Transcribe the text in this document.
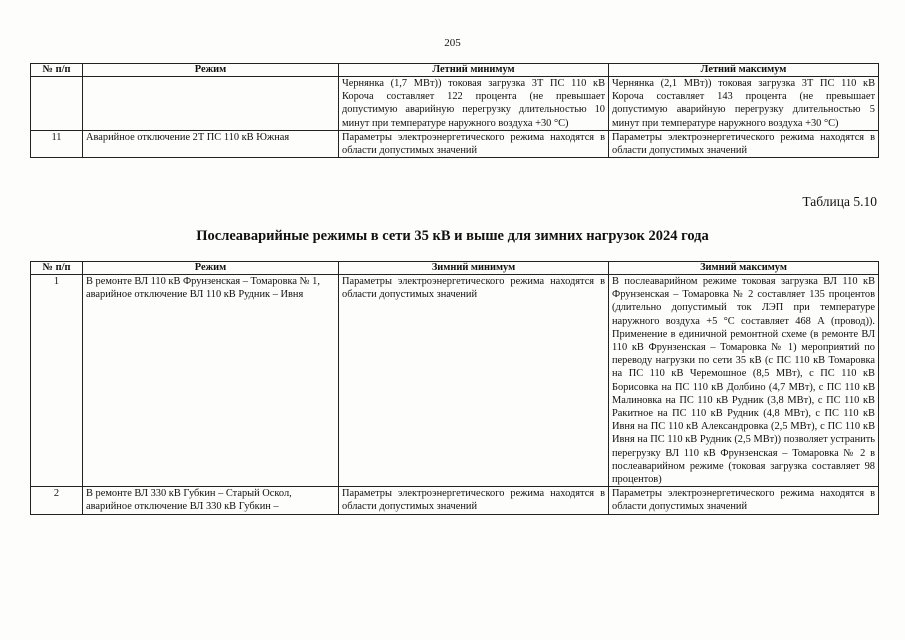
205
№ п/п	Режим	Летний минимум	Летний максимум
		Чернянка (1,7 МВт)) токовая загрузка 3Т ПС 110 кВ Короча составляет 122 процента (не превышает допустимую аварийную перегрузку длительностью 10 минут при температуре наружного воздуха +30 °С)	Чернянка (2,1 МВт)) токовая загрузка 3Т ПС 110 кВ Короча составляет 143 процента (не превышает допустимую аварийную перегрузку длительностью 5 минут при температуре наружного воздуха +30 °С)
11	Аварийное отключение 2Т ПС 110 кВ Южная	Параметры электроэнергетического режима находятся в области допустимых значений	Параметры электроэнергетического режима находятся в области допустимых значений
Таблица 5.10
Послеаварийные режимы в сети 35 кВ и выше для зимних нагрузок 2024 года
№ п/п	Режим	Зимний минимум	Зимний максимум
1	В ремонте ВЛ 110 кВ Фрунзенская – Томаровка № 1, аварийное отключение ВЛ 110 кВ Рудник – Ивня	Параметры электроэнергетического режима находятся в области допустимых значений	В послеаварийном режиме токовая загрузка ВЛ 110 кВ Фрунзенская – Томаровка № 2 составляет 135 процентов (длительно допустимый ток ЛЭП при температуре наружного воздуха +5 °С составляет 468 А (провод)). Применение в единичной ремонтной схеме (в ремонте ВЛ 110 кВ Фрунзенская – Томаровка № 1) мероприятий по переводу нагрузки по сети 35 кВ (с ПС 110 кВ Томаровка на ПС 110 кВ Черемошное (8,5 МВт), с ПС 110 кВ Борисовка на ПС 110 кВ Долбино (4,7 МВт), с ПС 110 кВ Малиновка на ПС 110 кВ Рудник (3,8 МВт), с ПС 110 кВ Ракитное на ПС 110 кВ Рудник (4,8 МВт), с ПС 110 кВ Ивня на ПС 110 кВ Александровка (2,5 МВт), с ПС 110 кВ Ивня на ПС 110 кВ Рудник (2,5 МВт)) позволяет устранить перегрузку ВЛ 110 кВ Фрунзенская – Томаровка № 2 в послеаварийном режиме (токовая загрузка составляет 98 процентов)
2	В ремонте ВЛ 330 кВ Губкин – Старый Оскол, аварийное отключение ВЛ 330 кВ Губкин –	Параметры электроэнергетического режима находятся в области допустимых значений	Параметры электроэнергетического режима находятся в области допустимых значений
